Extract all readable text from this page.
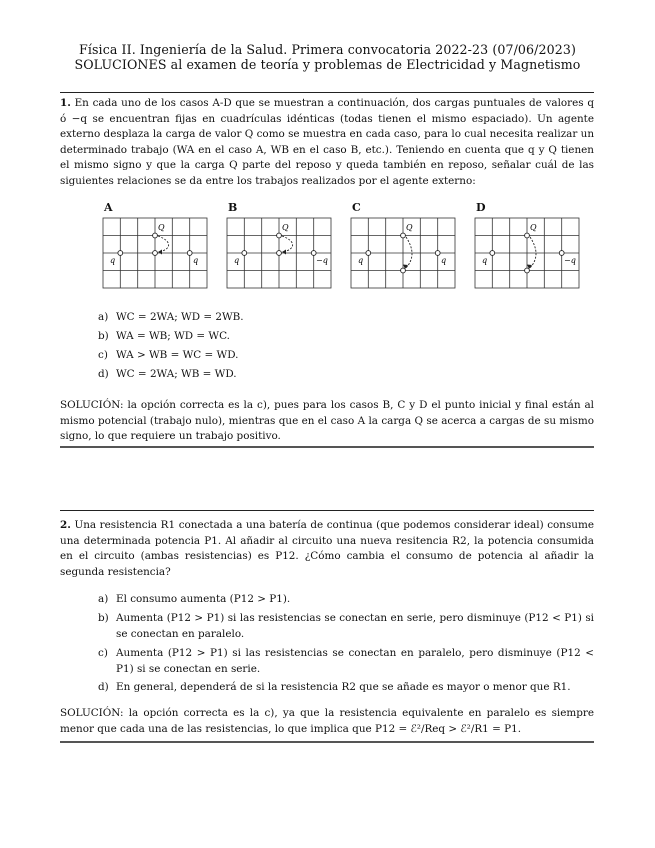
Física II. Ingeniería de la Salud. Primera convocatoria 2022-23 (07/06/2023)
SOLUCIONES al examen de teoría y problemas de Electricidad y Magnetismo
1. En cada uno de los casos A-D que se muestran a continuación, dos cargas puntuales de valores q ó −q se encuentran fijas en cuadrículas idénticas (todas tienen el mismo espaciado). Un agente externo desplaza la carga de valor Q como se muestra en cada caso, para lo cual necesita realizar un determinado trabajo (WA en el caso A, WB en el caso B, etc.). Teniendo en cuenta que q y Q tienen el mismo signo y que la carga Q parte del reposo y queda también en reposo, señalar cuál de las siguientes relaciones se da entre los trabajos realizados por el agente externo:
A	B	C	D
Q
q	q
Q
q	−q
Q
q	q
Q
q	−q
a) WC = 2WA; WD = 2WB.
b) WA = WB; WD = WC.
c) WA > WB = WC = WD.
d) WC = 2WA; WB = WD.
SOLUCIÓN: la opción correcta es la c), pues para los casos B, C y D el punto inicial y final están al mismo potencial (trabajo nulo), mientras que en el caso A la carga Q se acerca a cargas de su mismo signo, lo que requiere un trabajo positivo.
2. Una resistencia R1 conectada a una batería de continua (que podemos considerar ideal) consume una determinada potencia P1. Al añadir al circuito una nueva resitencia R2, la potencia consumida en el circuito (ambas resistencias) es P12. ¿Cómo cambia el consumo de potencia al añadir la segunda resistencia?
a) El consumo aumenta (P12 > P1).
b) Aumenta (P12 > P1) si las resistencias se conectan en serie, pero disminuye (P12 < P1) si se conectan en paralelo.
c) Aumenta (P12 > P1) si las resistencias se conectan en paralelo, pero disminuye (P12 < P1) si se conectan en serie.
d) En general, dependerá de si la resistencia R2 que se añade es mayor o menor que R1.
SOLUCIÓN: la opción correcta es la c), ya que la resistencia equivalente en paralelo es siempre menor que cada una de las resistencias, lo que implica que P12 = ℰ²/Req > ℰ²/R1 = P1.
